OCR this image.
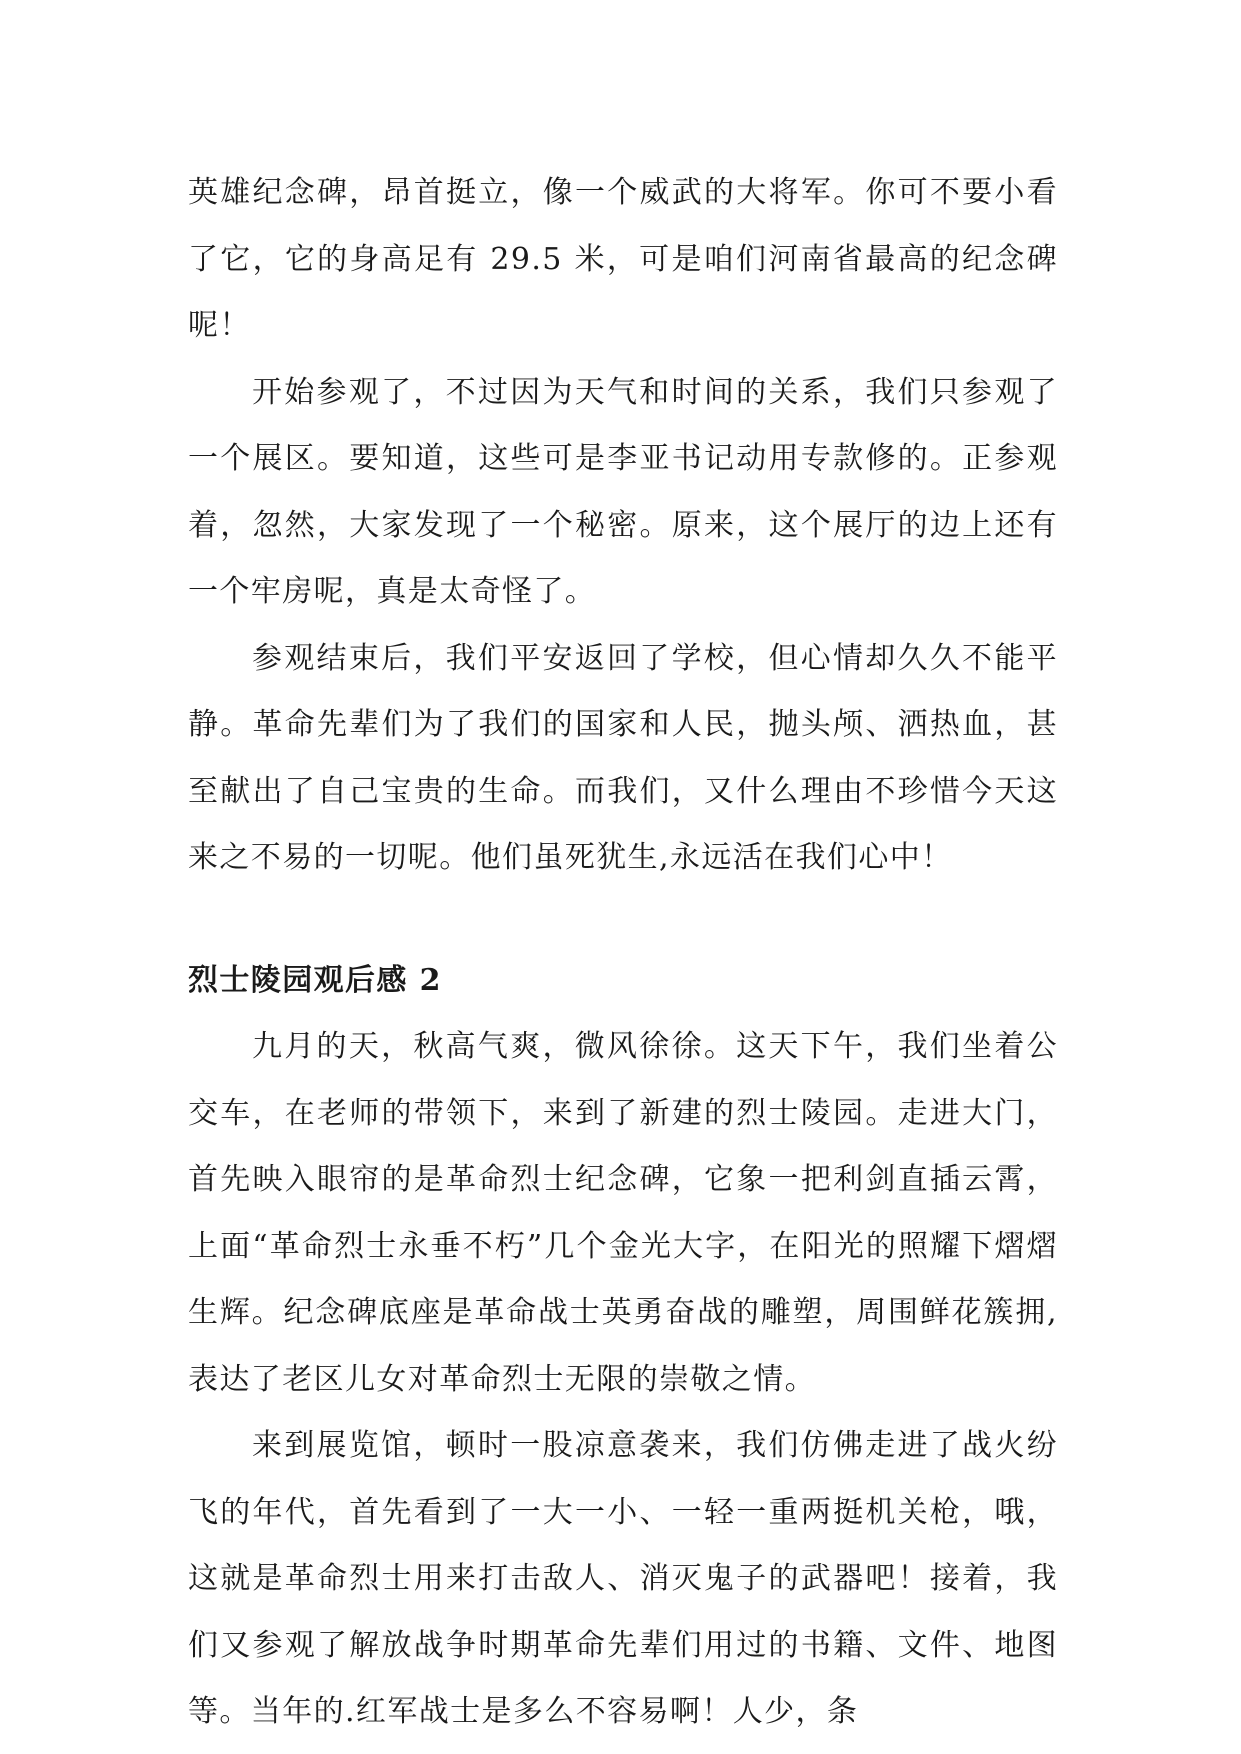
英雄纪念碑，昂首挺立，像一个威武的大将军。你可不要小看了它，它的身高足有 29.5 米，可是咱们河南省最高的纪念碑呢！

开始参观了，不过因为天气和时间的关系，我们只参观了一个展区。要知道，这些可是李亚书记动用专款修的。正参观着，忽然，大家发现了一个秘密。原来，这个展厅的边上还有一个牢房呢，真是太奇怪了。

参观结束后，我们平安返回了学校，但心情却久久不能平静。革命先辈们为了我们的国家和人民，抛头颅、洒热血，甚至献出了自己宝贵的生命。而我们，又什么理由不珍惜今天这来之不易的一切呢。他们虽死犹生,永远活在我们心中！

烈士陵园观后感 2

九月的天，秋高气爽，微风徐徐。这天下午，我们坐着公交车，在老师的带领下，来到了新建的烈士陵园。走进大门，首先映入眼帘的是革命烈士纪念碑，它象一把利剑直插云霄，上面“革命烈士永垂不朽”几个金光大字，在阳光的照耀下熠熠生辉。纪念碑底座是革命战士英勇奋战的雕塑，周围鲜花簇拥,表达了老区儿女对革命烈士无限的崇敬之情。

来到展览馆，顿时一股凉意袭来，我们仿佛走进了战火纷飞的年代，首先看到了一大一小、一轻一重两挺机关枪，哦，这就是革命烈士用来打击敌人、消灭鬼子的武器吧！接着，我们又参观了解放战争时期革命先辈们用过的书籍、文件、地图等。当年的.红军战士是多么不容易啊！人少，条
